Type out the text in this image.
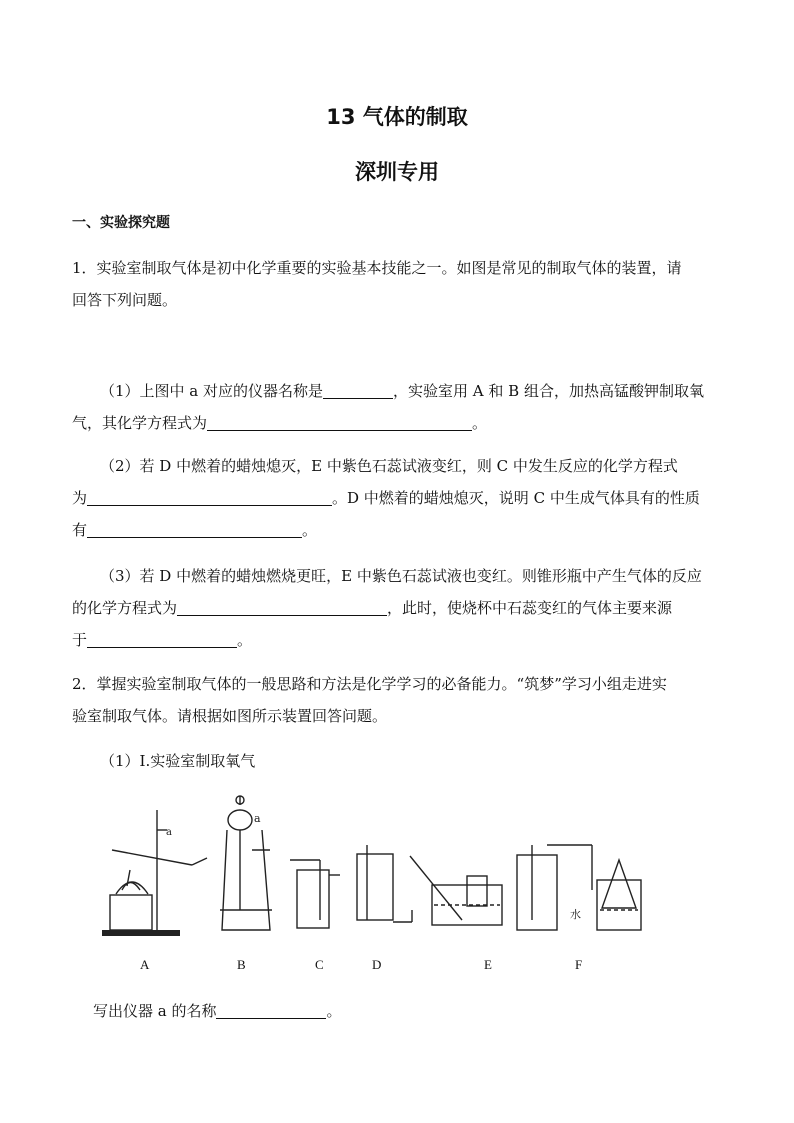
13 气体的制取
深圳专用
一、实验探究题
1．实验室制取气体是初中化学重要的实验基本技能之一。如图是常见的制取气体的装置，请
回答下列问题。
（1）上图中 a 对应的仪器名称是	，实验室用 A 和 B 组合，加热高锰酸钾制取氧
气，其化学方程式为	。
（2）若 D 中燃着的蜡烛熄灭，E 中紫色石蕊试液变红，则 C 中发生反应的化学方程式
为	。D 中燃着的蜡烛熄灭，说明 C 中生成气体具有的性质
有	。
（3）若 D 中燃着的蜡烛燃烧更旺，E 中紫色石蕊试液也变红。则锥形瓶中产生气体的反应
的化学方程式为	，此时，使烧杯中石蕊变红的气体主要来源
于	。
2．掌握实验室制取气体的一般思路和方法是化学学习的必备能力。“筑梦”学习小组走进实
验室制取气体。请根据如图所示装置回答问题。
（1）Ⅰ.实验室制取氧气
a
a
水
A	B	C	D	E	F
写出仪器 a 的名称	。
